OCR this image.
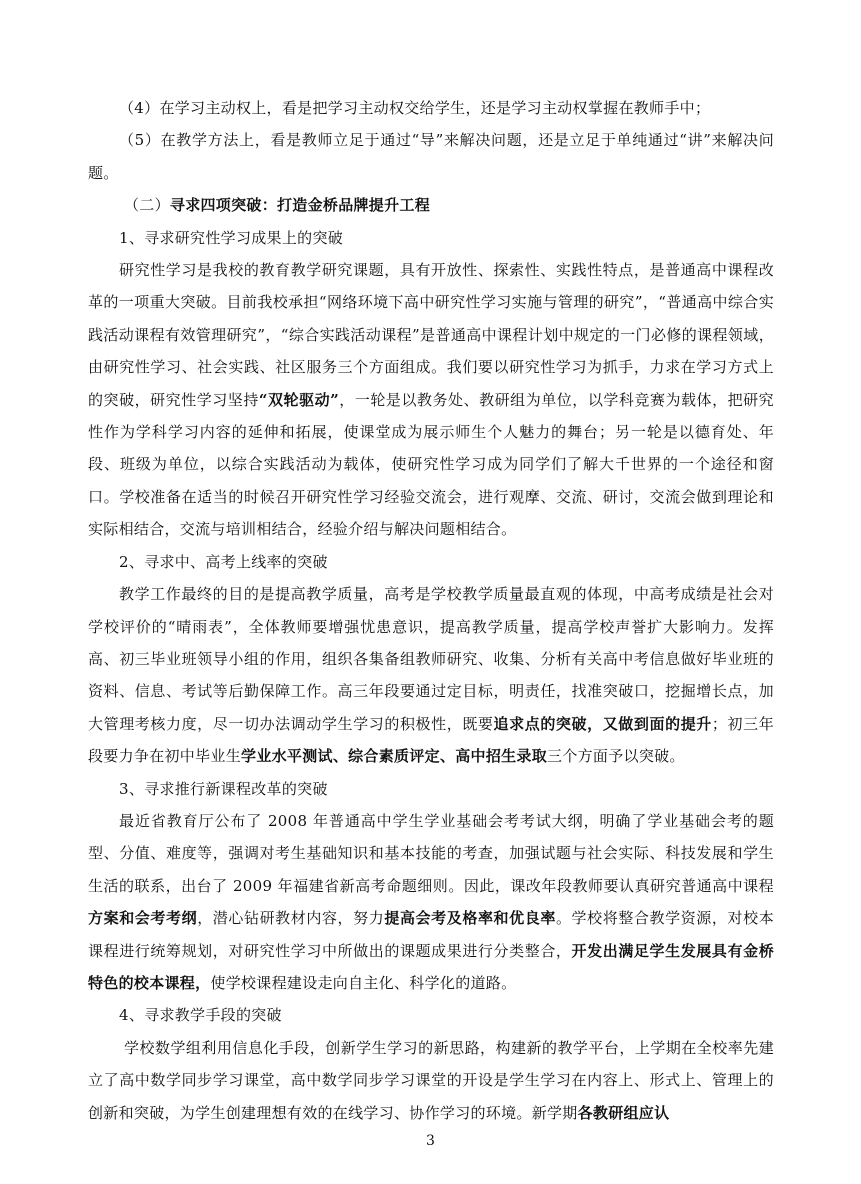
（4）在学习主动权上，看是把学习主动权交给学生，还是学习主动权掌握在教师手中；

（5）在教学方法上，看是教师立足于通过“导”来解决问题，还是立足于单纯通过“讲”来解决问题。

（二）寻求四项突破：打造金桥品牌提升工程

1、寻求研究性学习成果上的突破

研究性学习是我校的教育教学研究课题，具有开放性、探索性、实践性特点，是普通高中课程改革的一项重大突破。目前我校承担“网络环境下高中研究性学习实施与管理的研究”，“普通高中综合实践活动课程有效管理研究”，“综合实践活动课程”是普通高中课程计划中规定的一门必修的课程领域，由研究性学习、社会实践、社区服务三个方面组成。我们要以研究性学习为抓手，力求在学习方式上的突破，研究性学习坚持“双轮驱动”，一轮是以教务处、教研组为单位，以学科竞赛为载体，把研究性作为学科学习内容的延伸和拓展，使课堂成为展示师生个人魅力的舞台；另一轮是以德育处、年段、班级为单位，以综合实践活动为载体，使研究性学习成为同学们了解大千世界的一个途径和窗口。学校准备在适当的时候召开研究性学习经验交流会，进行观摩、交流、研讨，交流会做到理论和实际相结合，交流与培训相结合，经验介绍与解决问题相结合。

2、寻求中、高考上线率的突破

教学工作最终的目的是提高教学质量，高考是学校教学质量最直观的体现，中高考成绩是社会对学校评价的“晴雨表”，全体教师要增强忧患意识，提高教学质量，提高学校声誉扩大影响力。发挥高、初三毕业班领导小组的作用，组织各集备组教师研究、收集、分析有关高中考信息做好毕业班的资料、信息、考试等后勤保障工作。高三年段要通过定目标，明责任，找准突破口，挖掘增长点，加大管理考核力度，尽一切办法调动学生学习的积极性，既要追求点的突破，又做到面的提升；初三年段要力争在初中毕业生学业水平测试、综合素质评定、高中招生录取三个方面予以突破。

3、寻求推行新课程改革的突破

最近省教育厅公布了 2008 年普通高中学生学业基础会考考试大纲，明确了学业基础会考的题型、分值、难度等，强调对考生基础知识和基本技能的考查，加强试题与社会实际、科技发展和学生生活的联系，出台了 2009 年福建省新高考命题细则。因此，课改年段教师要认真研究普通高中课程方案和会考考纲，潜心钻研教材内容，努力提高会考及格率和优良率。学校将整合教学资源，对校本课程进行统筹规划，对研究性学习中所做出的课题成果进行分类整合，开发出满足学生发展具有金桥特色的校本课程，使学校课程建设走向自主化、科学化的道路。

4、寻求教学手段的突破

学校数学组利用信息化手段，创新学生学习的新思路，构建新的教学平台，上学期在全校率先建立了高中数学同步学习课堂，高中数学同步学习课堂的开设是学生学习在内容上、形式上、管理上的创新和突破，为学生创建理想有效的在线学习、协作学习的环境。新学期各教研组应认

3
